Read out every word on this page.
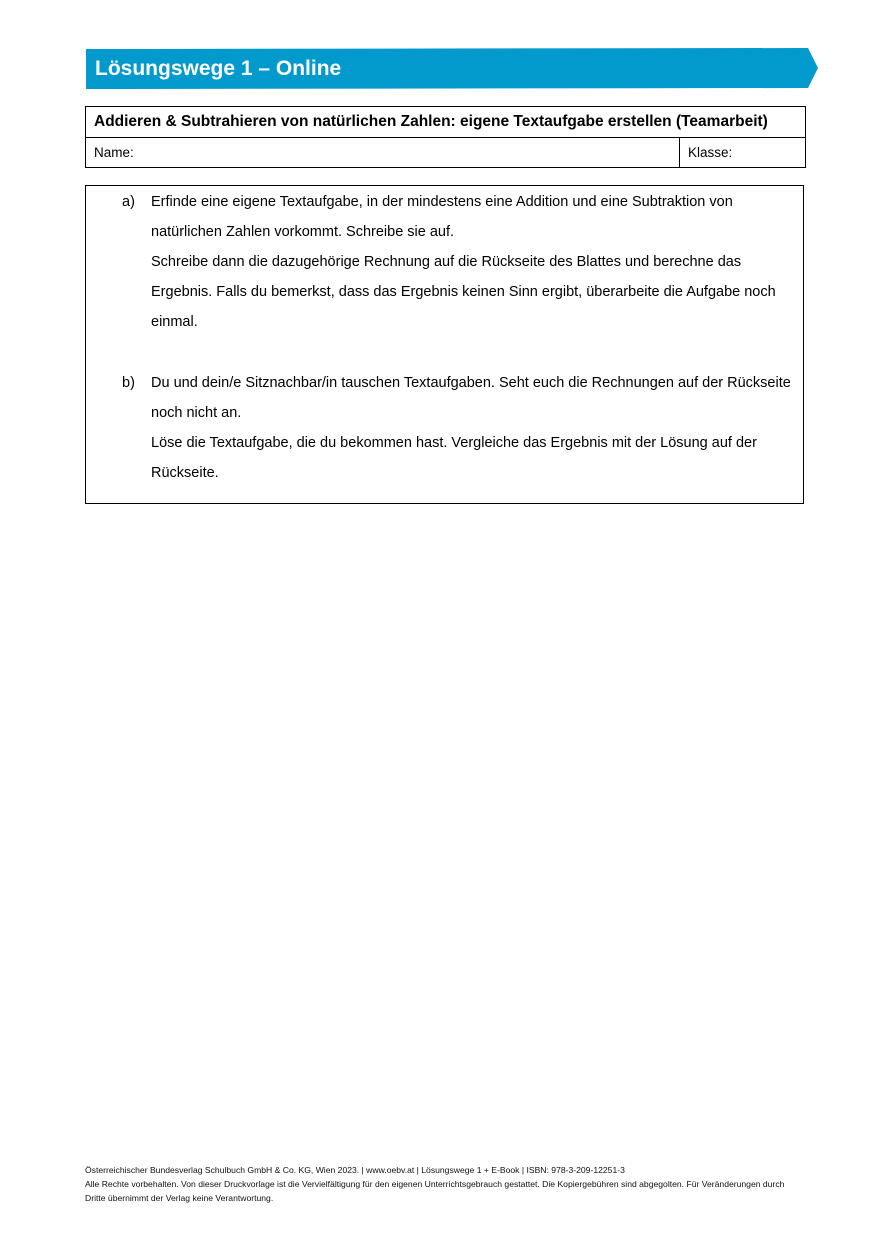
Lösungswege 1 – Online
Addieren & Subtrahieren von natürlichen Zahlen: eigene Textaufgabe erstellen (Teamarbeit)
Name:	Klasse:
a)	Erfinde eine eigene Textaufgabe, in der mindestens eine Addition und eine Subtraktion von natürlichen Zahlen vorkommt. Schreibe sie auf.

Schreibe dann die dazugehörige Rechnung auf die Rückseite des Blattes und berechne das Ergebnis. Falls du bemerkst, dass das Ergebnis keinen Sinn ergibt, überarbeite die Aufgabe noch einmal.

b)	Du und dein/e Sitznachbar/in tauschen Textaufgaben. Seht euch die Rechnungen auf der Rückseite noch nicht an.

Löse die Textaufgabe, die du bekommen hast. Vergleiche das Ergebnis mit der Lösung auf der Rückseite.

Österreichischer Bundesverlag Schulbuch GmbH & Co. KG, Wien 2023. | www.oebv.at | Lösungswege 1 + E-Book | ISBN: 978-3-209-12251-3

Alle Rechte vorbehalten. Von dieser Druckvorlage ist die Vervielfältigung für den eigenen Unterrichtsgebrauch gestattet. Die Kopiergebühren sind abgegolten. Für Veränderungen durch Dritte übernimmt der Verlag keine Verantwortung.
